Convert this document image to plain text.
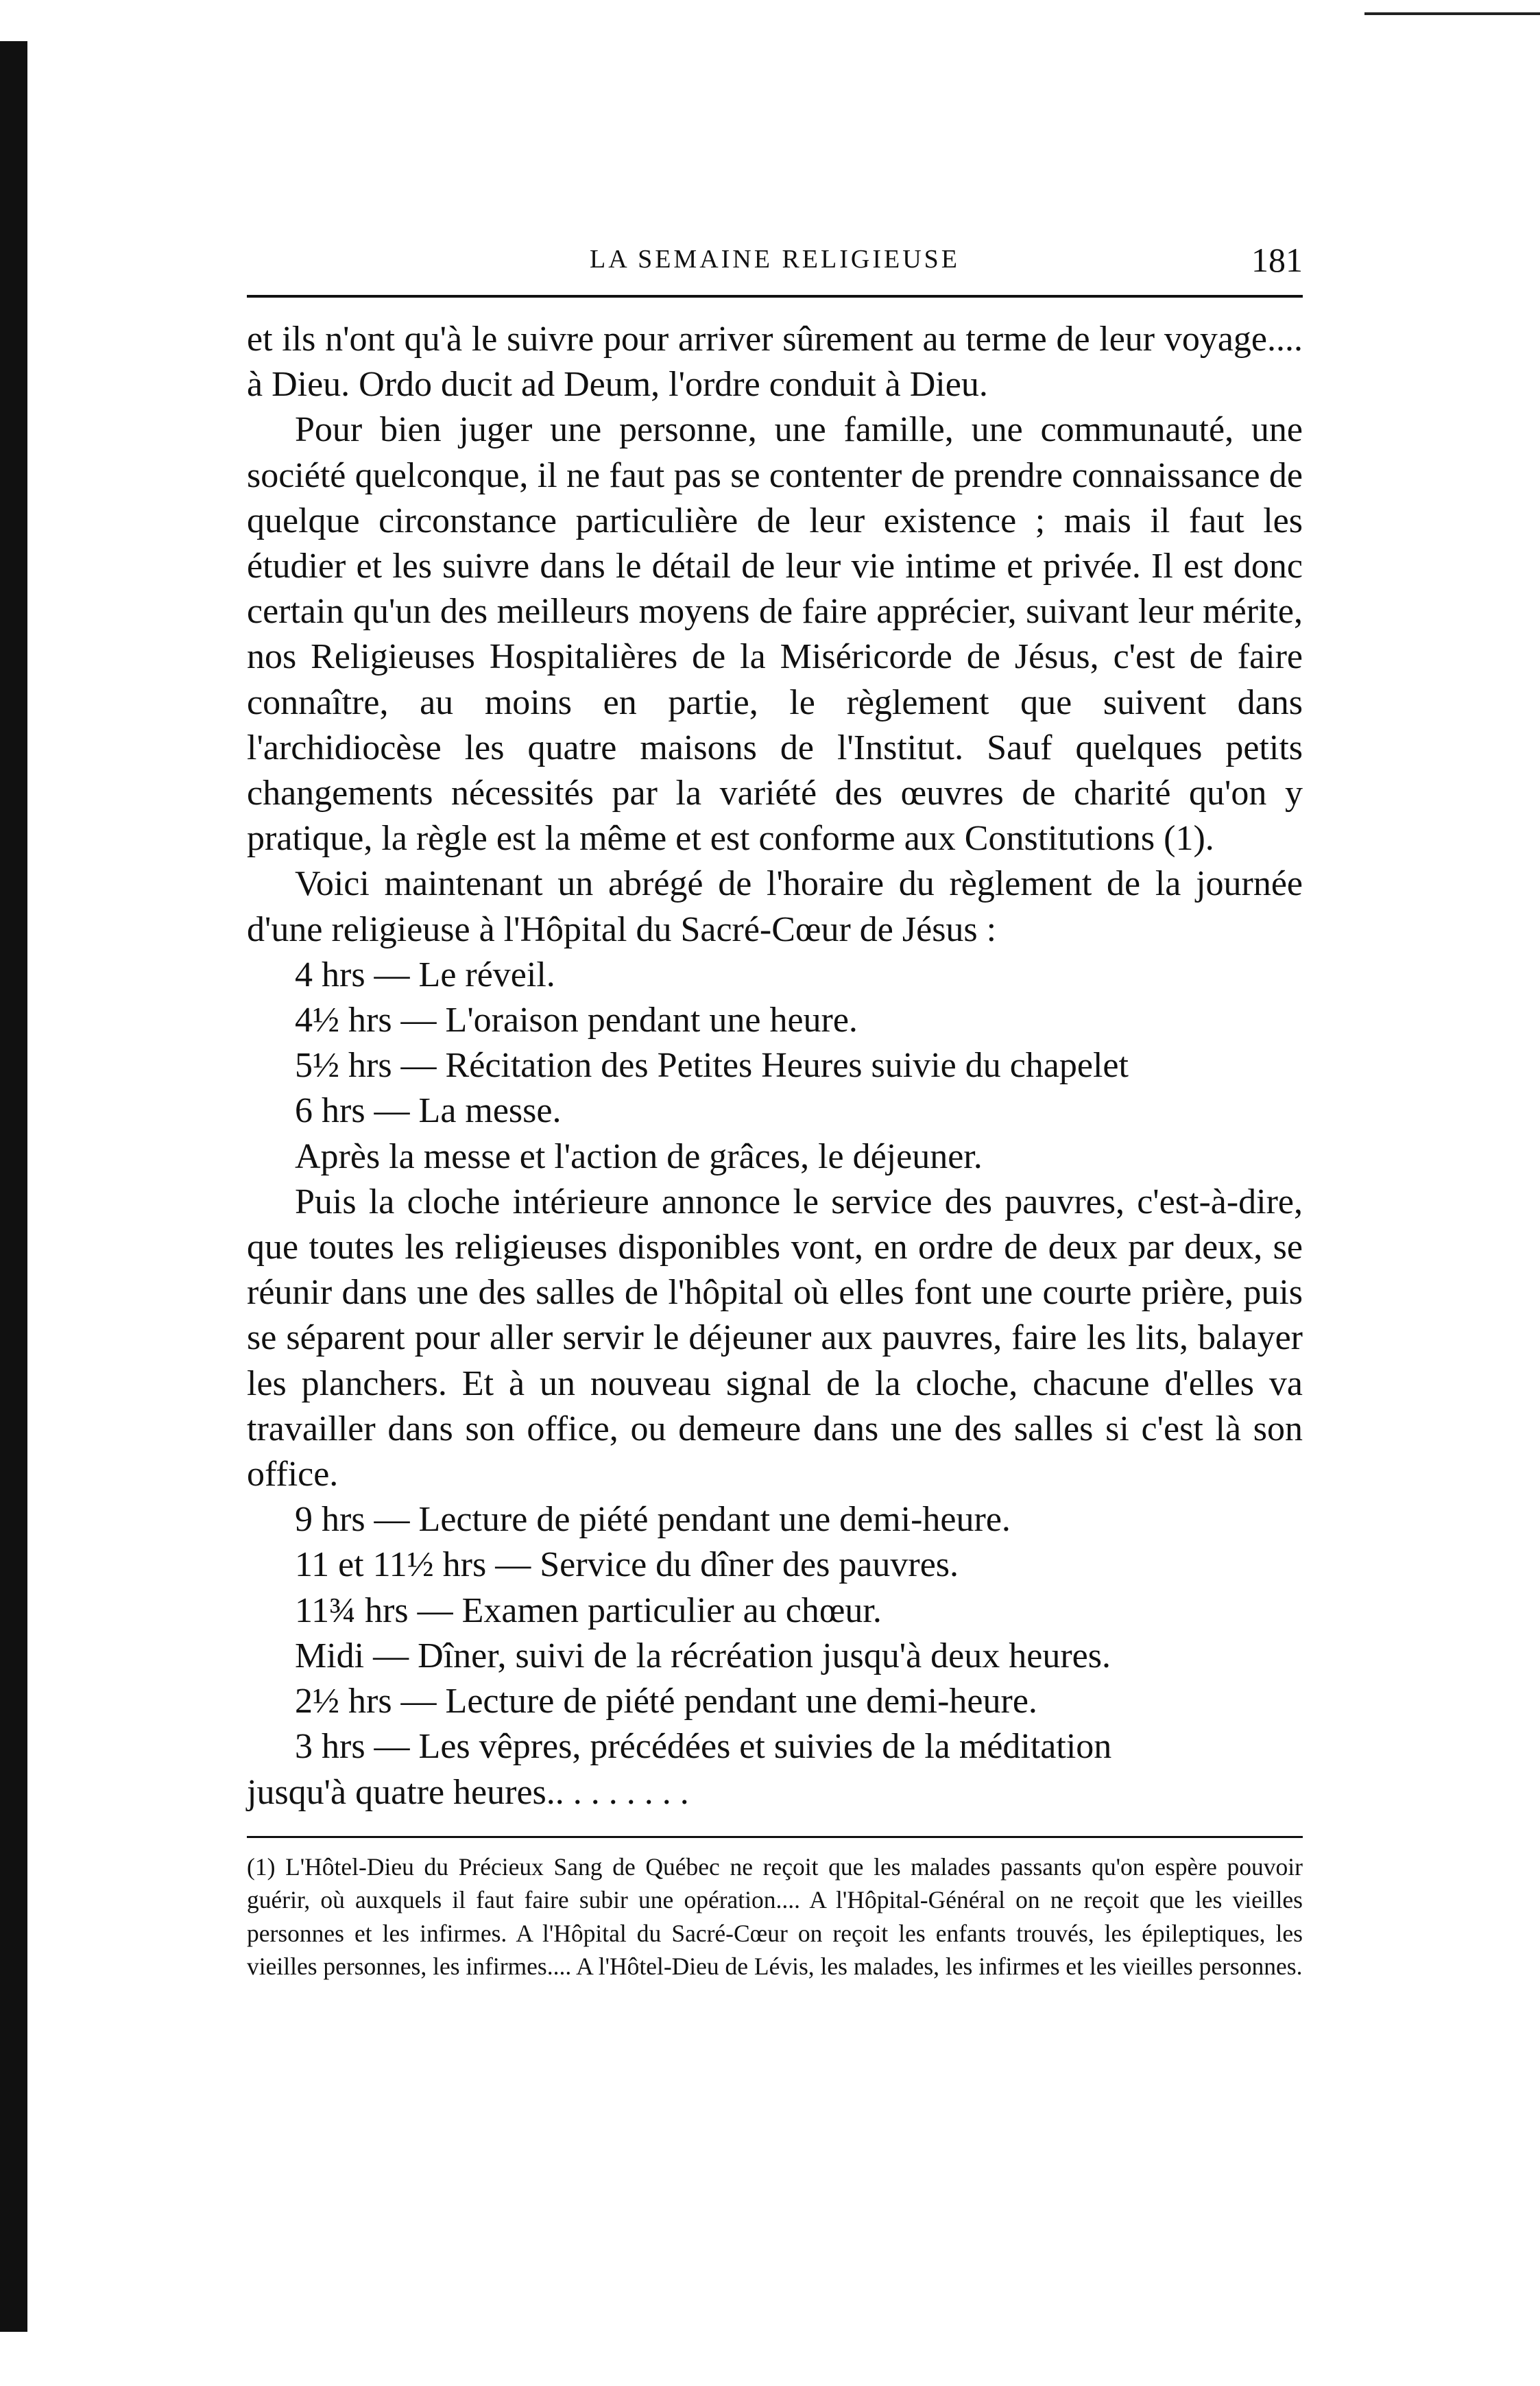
LA SEMAINE RELIGIEUSE	181

et ils n'ont qu'à le suivre pour arriver sûrement au terme de leur voyage.... à Dieu. Ordo ducit ad Deum, l'ordre conduit à Dieu.

Pour bien juger une personne, une famille, une communauté, une société quelconque, il ne faut pas se contenter de prendre connaissance de quelque circonstance particulière de leur existence ; mais il faut les étudier et les suivre dans le détail de leur vie intime et privée. Il est donc certain qu'un des meilleurs moyens de faire apprécier, suivant leur mérite, nos Religieuses Hospitalières de la Miséricorde de Jésus, c'est de faire connaître, au moins en partie, le règlement que suivent dans l'archidiocèse les quatre maisons de l'Institut. Sauf quelques petits changements nécessités par la variété des œuvres de charité qu'on y pratique, la règle est la même et est conforme aux Constitutions (1).

Voici maintenant un abrégé de l'horaire du règlement de la journée d'une religieuse à l'Hôpital du Sacré-Cœur de Jésus :

4 hrs — Le réveil.

4½ hrs — L'oraison pendant une heure.

5½ hrs — Récitation des Petites Heures suivie du chapelet

6 hrs — La messe.

Après la messe et l'action de grâces, le déjeuner.

Puis la cloche intérieure annonce le service des pauvres, c'est-à-dire, que toutes les religieuses disponibles vont, en ordre de deux par deux, se réunir dans une des salles de l'hôpital où elles font une courte prière, puis se séparent pour aller servir le déjeuner aux pauvres, faire les lits, balayer les planchers. Et à un nouveau signal de la cloche, chacune d'elles va travailler dans son office, ou demeure dans une des salles si c'est là son office.

9 hrs — Lecture de piété pendant une demi-heure.

11 et 11½ hrs — Service du dîner des pauvres.

11¾ hrs — Examen particulier au chœur.

Midi — Dîner, suivi de la récréation jusqu'à deux heures.

2½ hrs — Lecture de piété pendant une demi-heure.

3 hrs — Les vêpres, précédées et suivies de la méditation

jusqu'à quatre heures.. . . . . . . .

(1) L'Hôtel-Dieu du Précieux Sang de Québec ne reçoit que les malades passants qu'on espère pouvoir guérir, où auxquels il faut faire subir une opération.... A l'Hôpital-Général on ne reçoit que les vieilles personnes et les infirmes. A l'Hôpital du Sacré-Cœur on reçoit les enfants trouvés, les épileptiques, les vieilles personnes, les infirmes.... A l'Hôtel-Dieu de Lévis, les malades, les infirmes et les vieilles personnes.
